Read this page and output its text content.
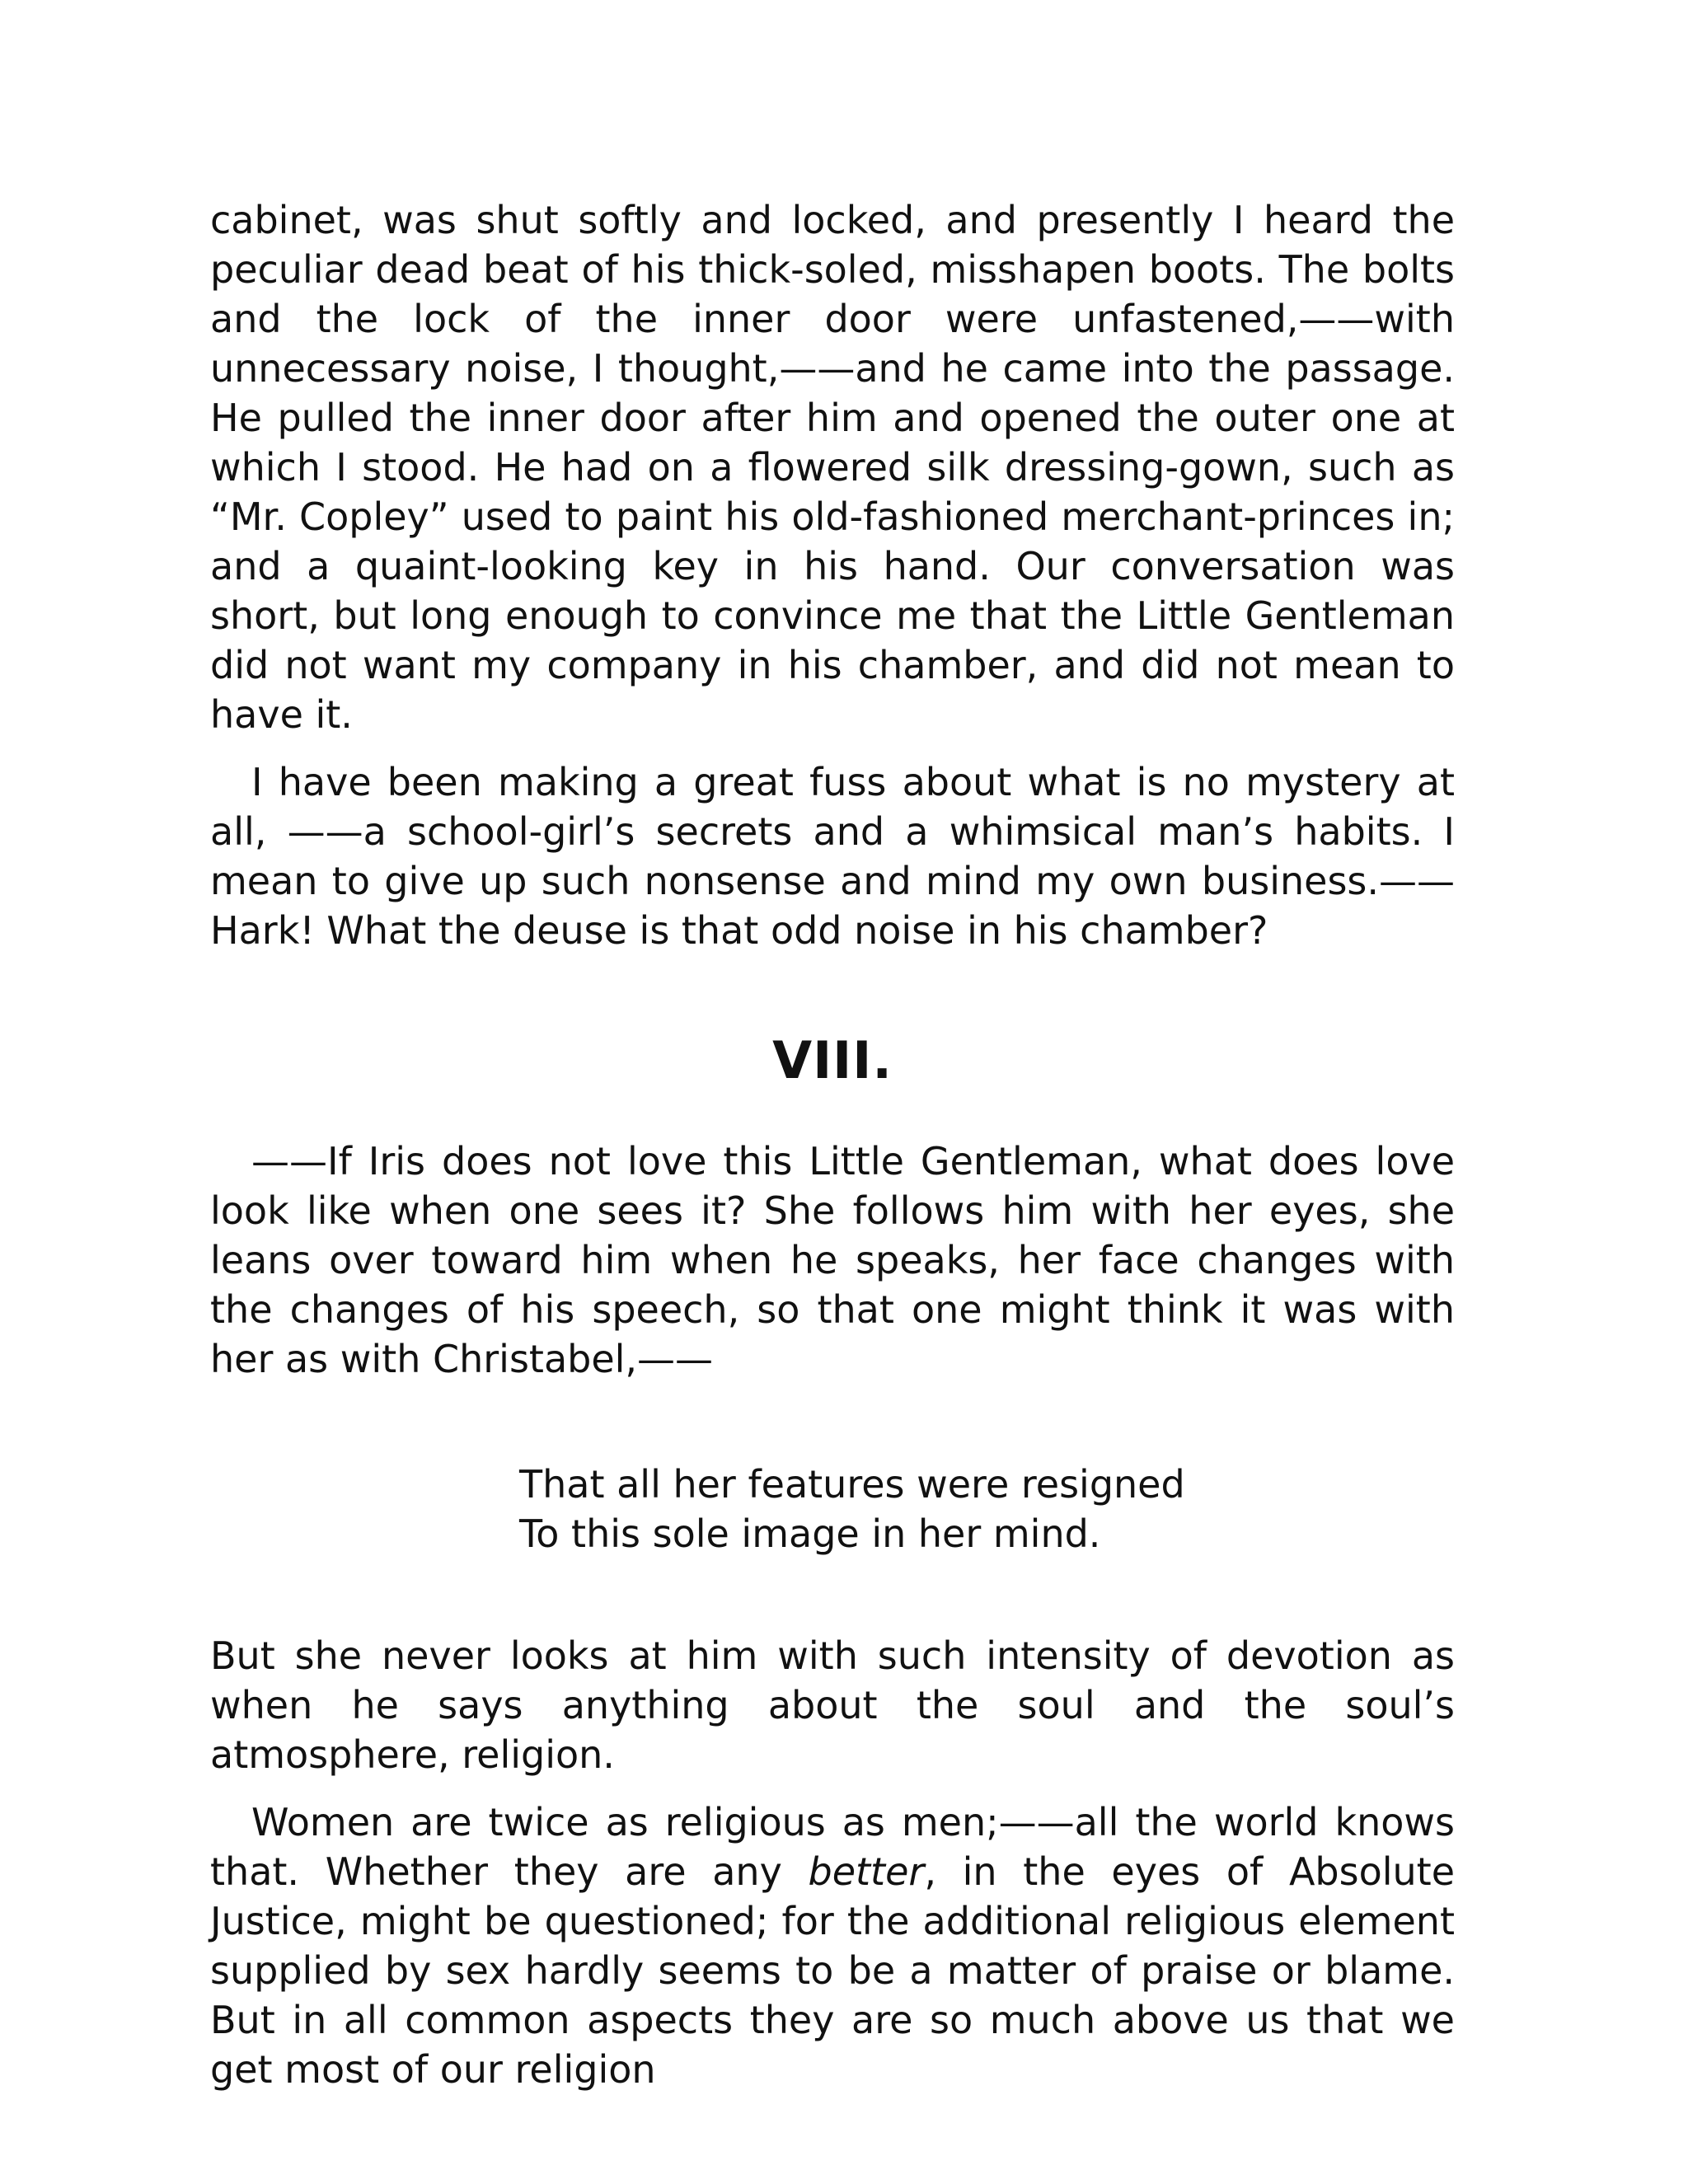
cabinet, was shut softly and locked, and presently I heard the peculiar dead beat of his thick-soled, misshapen boots. The bolts and the lock of the inner door were unfastened,——with unnecessary noise, I thought,——and he came into the passage. He pulled the inner door after him and opened the outer one at which I stood. He had on a flowered silk dressing-gown, such as “Mr. Copley” used to paint his old-fashioned merchant-princes in; and a quaint-looking key in his hand. Our conversation was short, but long enough to convince me that the Little Gentleman did not want my company in his chamber, and did not mean to have it.

I have been making a great fuss about what is no mystery at all, ——a school-girl’s secrets and a whimsical man’s habits. I mean to give up such nonsense and mind my own business.——Hark! What the deuse is that odd noise in his chamber?

VIII.

——If Iris does not love this Little Gentleman, what does love look like when one sees it? She follows him with her eyes, she leans over toward him when he speaks, her face changes with the changes of his speech, so that one might think it was with her as with Christabel,——

That all her features were resigned
To this sole image in her mind.

But she never looks at him with such intensity of devotion as when he says anything about the soul and the soul’s atmosphere, religion.

Women are twice as religious as men;——all the world knows that. Whether they are any better, in the eyes of Absolute Justice, might be questioned; for the additional religious element supplied by sex hardly seems to be a matter of praise or blame. But in all common aspects they are so much above us that we get most of our religion
